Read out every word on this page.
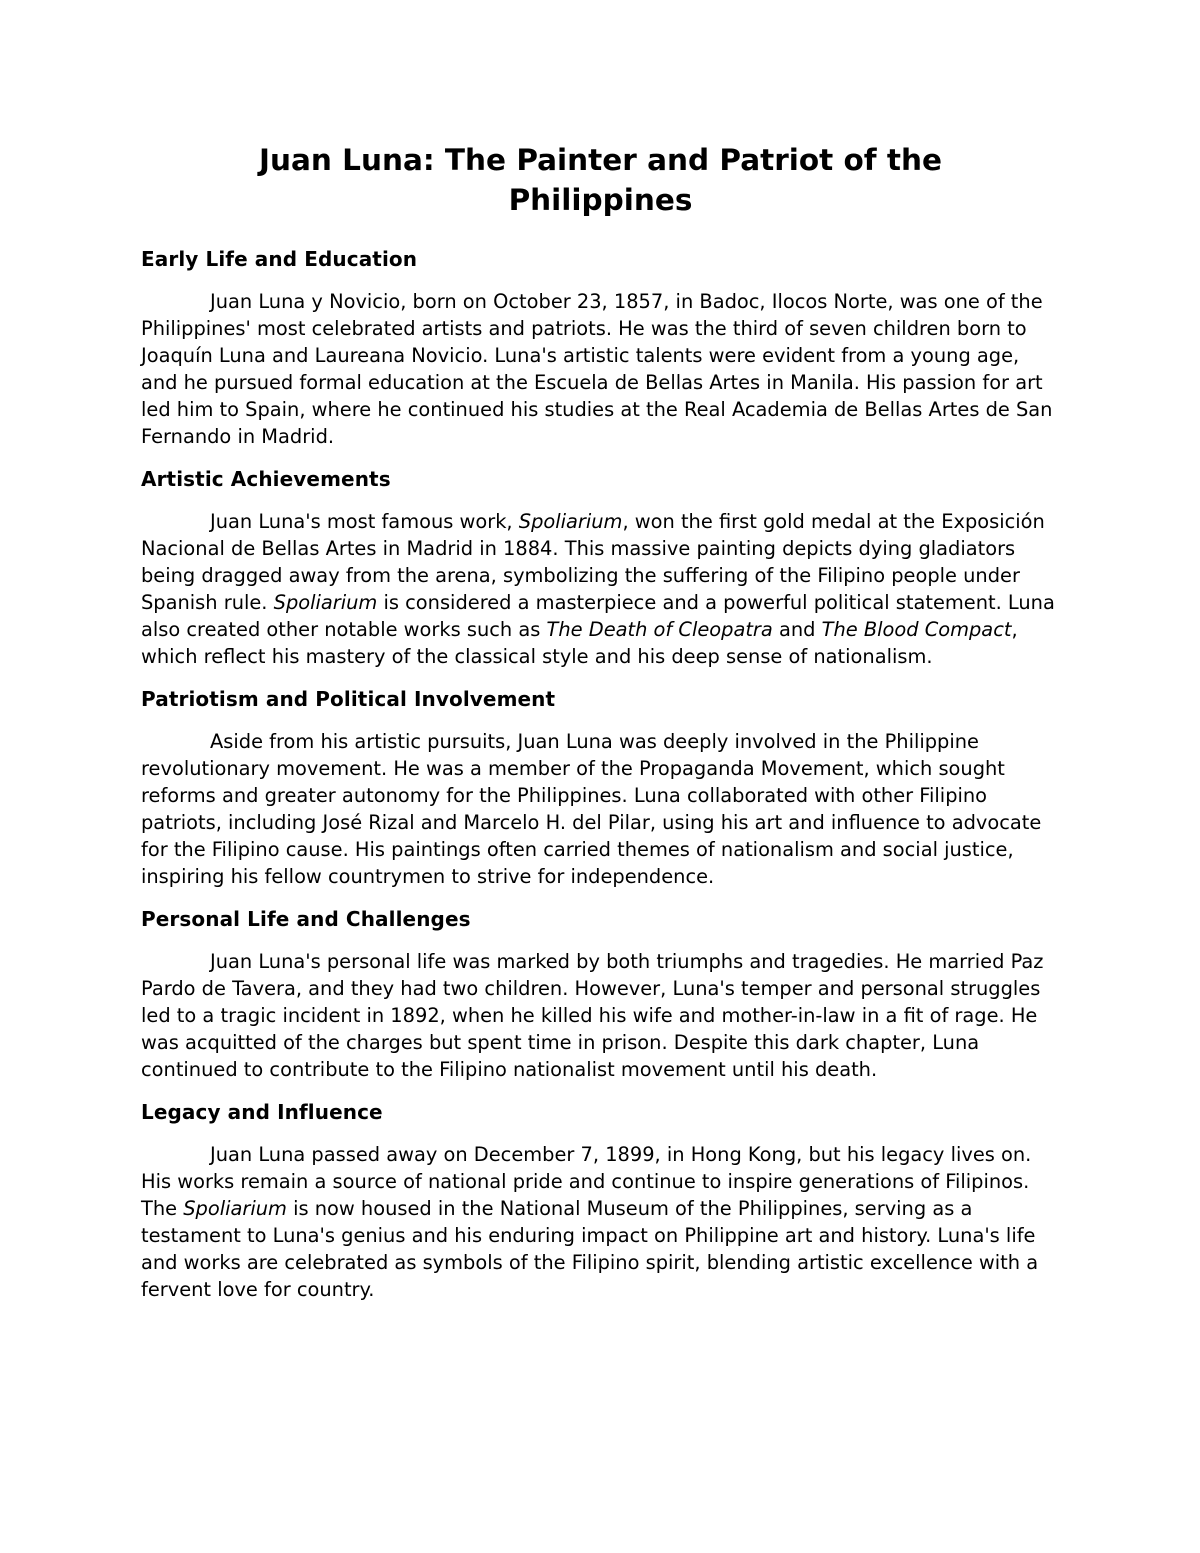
Juan Luna: The Painter and Patriot of the
Philippines
Early Life and Education

Juan Luna y Novicio, born on October 23, 1857, in Badoc, Ilocos Norte, was one of the Philippines' most celebrated artists and patriots. He was the third of seven children born to Joaquín Luna and Laureana Novicio. Luna's artistic talents were evident from a young age, and he pursued formal education at the Escuela de Bellas Artes in Manila. His passion for art led him to Spain, where he continued his studies at the Real Academia de Bellas Artes de San Fernando in Madrid.

Artistic Achievements

Juan Luna's most famous work, Spoliarium, won the first gold medal at the Exposición Nacional de Bellas Artes in Madrid in 1884. This massive painting depicts dying gladiators being dragged away from the arena, symbolizing the suffering of the Filipino people under Spanish rule. Spoliarium is considered a masterpiece and a powerful political statement. Luna also created other notable works such as The Death of Cleopatra and The Blood Compact, which reflect his mastery of the classical style and his deep sense of nationalism.

Patriotism and Political Involvement

Aside from his artistic pursuits, Juan Luna was deeply involved in the Philippine revolutionary movement. He was a member of the Propaganda Movement, which sought reforms and greater autonomy for the Philippines. Luna collaborated with other Filipino patriots, including José Rizal and Marcelo H. del Pilar, using his art and influence to advocate for the Filipino cause. His paintings often carried themes of nationalism and social justice, inspiring his fellow countrymen to strive for independence.

Personal Life and Challenges

Juan Luna's personal life was marked by both triumphs and tragedies. He married Paz Pardo de Tavera, and they had two children. However, Luna's temper and personal struggles led to a tragic incident in 1892, when he killed his wife and mother-in-law in a fit of rage. He was acquitted of the charges but spent time in prison. Despite this dark chapter, Luna continued to contribute to the Filipino nationalist movement until his death.

Legacy and Influence

Juan Luna passed away on December 7, 1899, in Hong Kong, but his legacy lives on. His works remain a source of national pride and continue to inspire generations of Filipinos. The Spoliarium is now housed in the National Museum of the Philippines, serving as a testament to Luna's genius and his enduring impact on Philippine art and history. Luna's life and works are celebrated as symbols of the Filipino spirit, blending artistic excellence with a fervent love for country.
